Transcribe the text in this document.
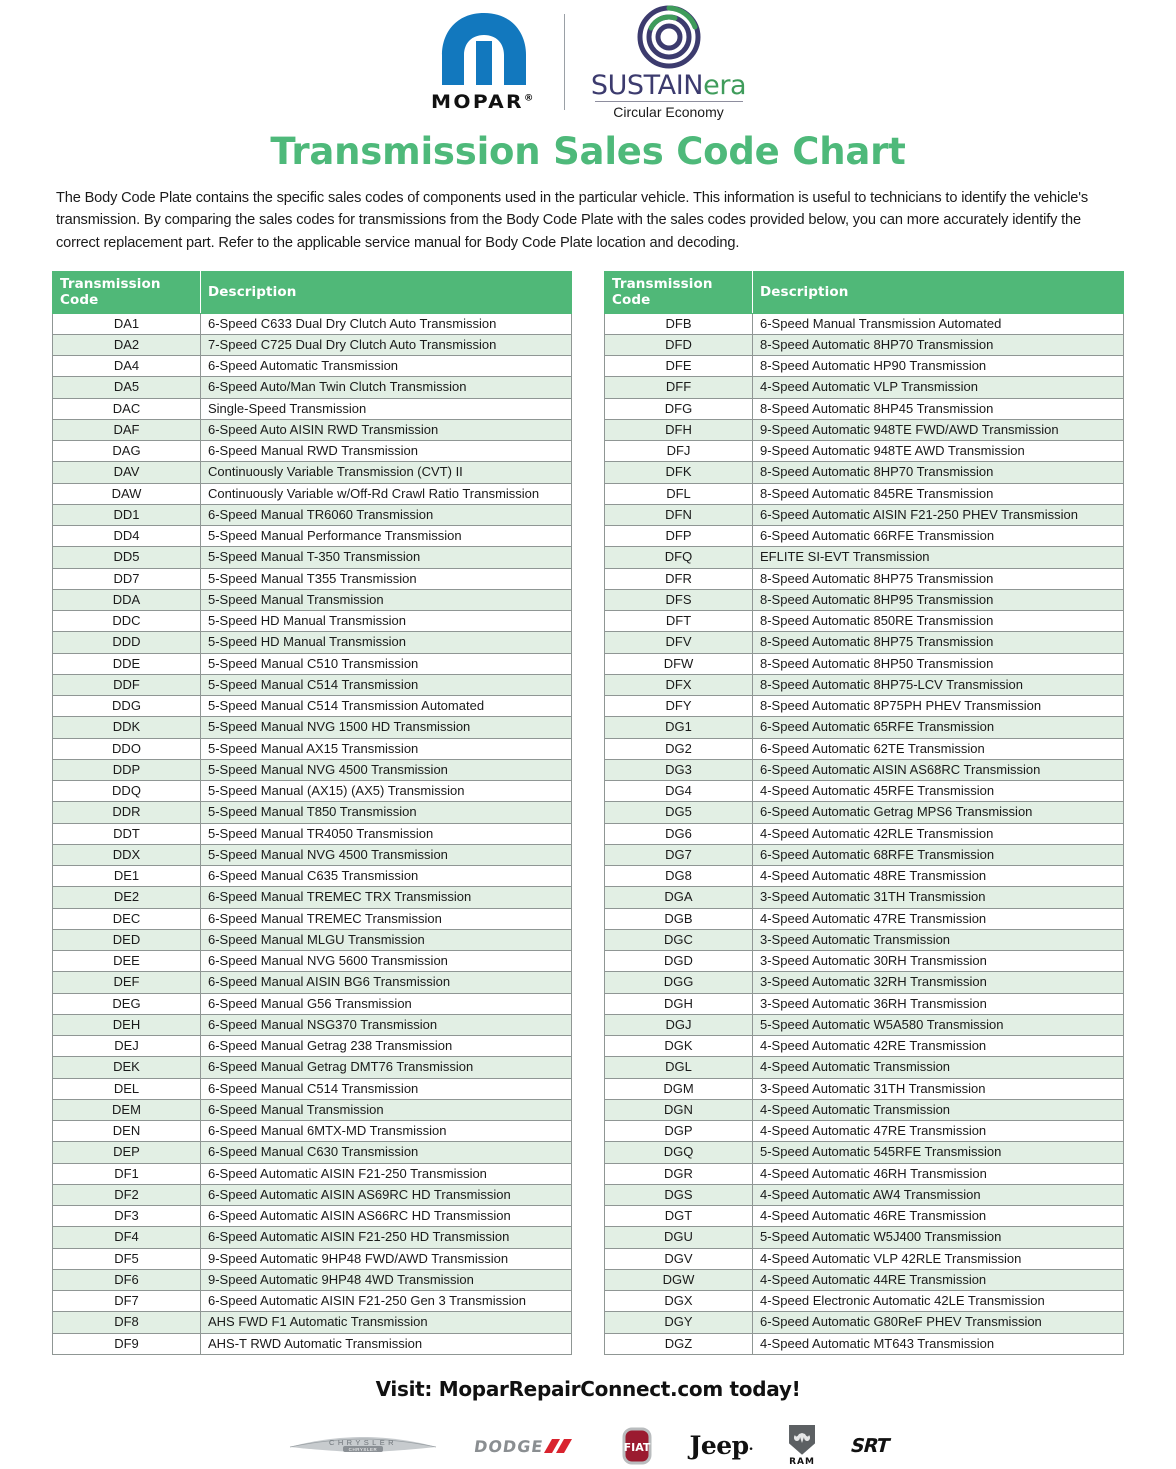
MOPAR® SUSTAINera
Circular Economy
Transmission Sales Code Chart

The Body Code Plate contains the specific sales codes of components used in the particular vehicle. This information is useful to technicians to identify the vehicle's transmission. By comparing the sales codes for transmissions from the Body Code Plate with the sales codes provided below, you can more accurately identify the correct replacement part. Refer to the applicable service manual for Body Code Plate location and decoding.

Transmission Code	Description
DA1	6-Speed C633 Dual Dry Clutch Auto Transmission
DA2	7-Speed C725 Dual Dry Clutch Auto Transmission
DA4	6-Speed Automatic Transmission
DA5	6-Speed Auto/Man Twin Clutch Transmission
DAC	Single-Speed Transmission
DAF	6-Speed Auto AISIN RWD Transmission
DAG	6-Speed Manual RWD Transmission
DAV	Continuously Variable Transmission (CVT) II
DAW	Continuously Variable w/Off-Rd Crawl Ratio Transmission
DD1	6-Speed Manual TR6060 Transmission
DD4	5-Speed Manual Performance Transmission
DD5	5-Speed Manual T-350 Transmission
DD7	5-Speed Manual T355 Transmission
DDA	5-Speed Manual Transmission
DDC	5-Speed HD Manual Transmission
DDD	5-Speed HD Manual Transmission
DDE	5-Speed Manual C510 Transmission
DDF	5-Speed Manual C514 Transmission
DDG	5-Speed Manual C514 Transmission Automated
DDK	5-Speed Manual NVG 1500 HD Transmission
DDO	5-Speed Manual AX15 Transmission
DDP	5-Speed Manual NVG 4500 Transmission
DDQ	5-Speed Manual (AX15) (AX5) Transmission
DDR	5-Speed Manual T850 Transmission
DDT	5-Speed Manual TR4050 Transmission
DDX	5-Speed Manual NVG 4500 Transmission
DE1	6-Speed Manual C635 Transmission
DE2	6-Speed Manual TREMEC TRX Transmission
DEC	6-Speed Manual TREMEC Transmission
DED	6-Speed Manual MLGU Transmission
DEE	6-Speed Manual NVG 5600 Transmission
DEF	6-Speed Manual AISIN BG6 Transmission
DEG	6-Speed Manual G56 Transmission
DEH	6-Speed Manual NSG370 Transmission
DEJ	6-Speed Manual Getrag 238 Transmission
DEK	6-Speed Manual Getrag DMT76 Transmission
DEL	6-Speed Manual C514 Transmission
DEM	6-Speed Manual Transmission
DEN	6-Speed Manual 6MTX-MD Transmission
DEP	6-Speed Manual C630 Transmission
DF1	6-Speed Automatic AISIN F21-250 Transmission
DF2	6-Speed Automatic AISIN AS69RC HD Transmission
DF3	6-Speed Automatic AISIN AS66RC HD Transmission
DF4	6-Speed Automatic AISIN F21-250 HD Transmission
DF5	9-Speed Automatic 9HP48 FWD/AWD Transmission
DF6	9-Speed Automatic 9HP48 4WD Transmission
DF7	6-Speed Automatic AISIN F21-250 Gen 3 Transmission
DF8	AHS FWD F1 Automatic Transmission
DF9	AHS-T RWD Automatic Transmission
Transmission Code	Description
DFB	6-Speed Manual Transmission Automated
DFD	8-Speed Automatic 8HP70 Transmission
DFE	8-Speed Automatic HP90 Transmission
DFF	4-Speed Automatic VLP Transmission
DFG	8-Speed Automatic 8HP45 Transmission
DFH	9-Speed Automatic 948TE FWD/AWD Transmission
DFJ	9-Speed Automatic 948TE AWD Transmission
DFK	8-Speed Automatic 8HP70 Transmission
DFL	8-Speed Automatic 845RE Transmission
DFN	6-Speed Automatic AISIN F21-250 PHEV Transmission
DFP	6-Speed Automatic 66RFE Transmission
DFQ	EFLITE SI-EVT Transmission
DFR	8-Speed Automatic 8HP75 Transmission
DFS	8-Speed Automatic 8HP95 Transmission
DFT	8-Speed Automatic 850RE Transmission
DFV	8-Speed Automatic 8HP75 Transmission
DFW	8-Speed Automatic 8HP50 Transmission
DFX	8-Speed Automatic 8HP75-LCV Transmission
DFY	8-Speed Automatic 8P75PH PHEV Transmission
DG1	6-Speed Automatic 65RFE Transmission
DG2	6-Speed Automatic 62TE Transmission
DG3	6-Speed Automatic AISIN AS68RC Transmission
DG4	4-Speed Automatic 45RFE Transmission
DG5	6-Speed Automatic Getrag MPS6 Transmission
DG6	4-Speed Automatic 42RLE Transmission
DG7	6-Speed Automatic 68RFE Transmission
DG8	4-Speed Automatic 48RE Transmission
DGA	3-Speed Automatic 31TH Transmission
DGB	4-Speed Automatic 47RE Transmission
DGC	3-Speed Automatic Transmission
DGD	3-Speed Automatic 30RH Transmission
DGG	3-Speed Automatic 32RH Transmission
DGH	3-Speed Automatic 36RH Transmission
DGJ	5-Speed Automatic W5A580 Transmission
DGK	4-Speed Automatic 42RE Transmission
DGL	4-Speed Automatic Transmission
DGM	3-Speed Automatic 31TH Transmission
DGN	4-Speed Automatic Transmission
DGP	4-Speed Automatic 47RE Transmission
DGQ	5-Speed Automatic 545RFE Transmission
DGR	4-Speed Automatic 46RH Transmission
DGS	4-Speed Automatic AW4 Transmission
DGT	4-Speed Automatic 46RE Transmission
DGU	5-Speed Automatic W5J400 Transmission
DGV	4-Speed Automatic VLP 42RLE Transmission
DGW	4-Speed Automatic 44RE Transmission
DGX	4-Speed Electronic Automatic 42LE Transmission
DGY	6-Speed Automatic G80ReF PHEV Transmission
DGZ	4-Speed Automatic MT643 Transmission
Visit: MoparRepairConnect.com today!
CHRYSLER
CHRYSLER	DODGE	FIAT Jeep .
RAM
SRT
